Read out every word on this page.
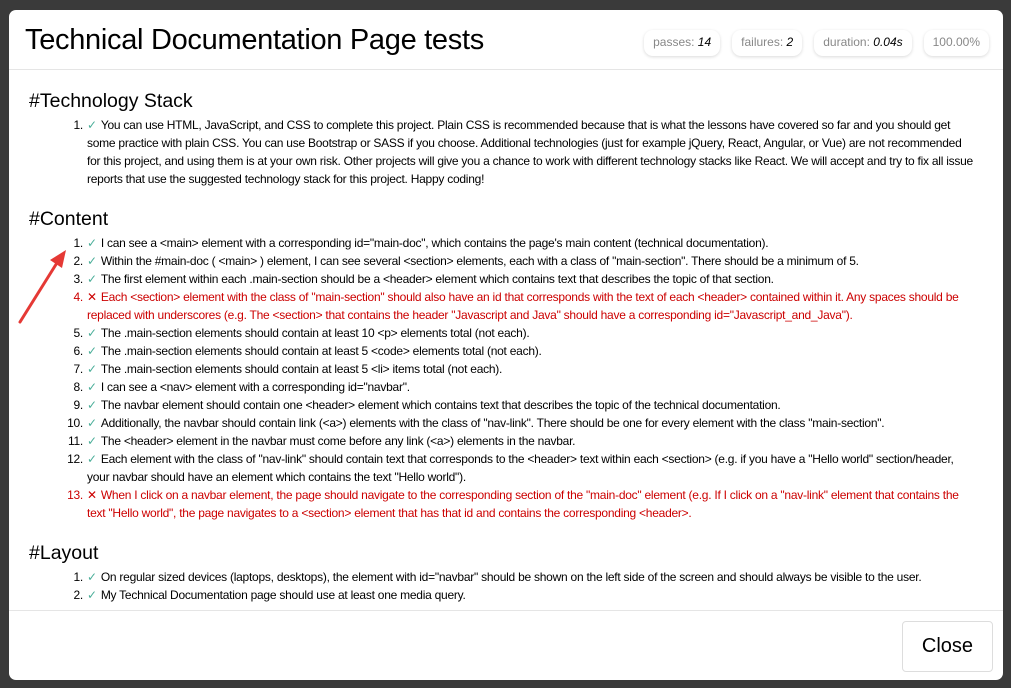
Technical Documentation Page tests	passes: 14	failures: 2	duration: 0.04s	100.00%
#Technology Stack
1. ✓ You can use HTML, JavaScript, and CSS to complete this project. Plain CSS is recommended because that is what the lessons have covered so far and you should get some practice with plain CSS. You can use Bootstrap or SASS if you choose. Additional technologies (just for example jQuery, React, Angular, or Vue) are not recommended for this project, and using them is at your own risk. Other projects will give you a chance to work with different technology stacks like React. We will accept and try to fix all issue reports that use the suggested technology stack for this project. Happy coding!
#Content
1. ✓ I can see a <main> element with a corresponding id="main-doc", which contains the page's main content (technical documentation).
2. ✓ Within the #main-doc ( <main> ) element, I can see several <section> elements, each with a class of "main-section". There should be a minimum of 5.
3. ✓ The first element within each .main-section should be a <header> element which contains text that describes the topic of that section.
4. ✕ Each <section> element with the class of "main-section" should also have an id that corresponds with the text of each <header> contained within it. Any spaces should be replaced with underscores (e.g. The <section> that contains the header "Javascript and Java" should have a corresponding id="Javascript_and_Java").
5. ✓ The .main-section elements should contain at least 10 <p> elements total (not each).
6. ✓ The .main-section elements should contain at least 5 <code> elements total (not each).
7. ✓ The .main-section elements should contain at least 5 <li> items total (not each).
8. ✓ I can see a <nav> element with a corresponding id="navbar".
9. ✓ The navbar element should contain one <header> element which contains text that describes the topic of the technical documentation.
10. ✓ Additionally, the navbar should contain link (<a>) elements with the class of "nav-link". There should be one for every element with the class "main-section".
11. ✓ The <header> element in the navbar must come before any link (<a>) elements in the navbar.
12. ✓ Each element with the class of "nav-link" should contain text that corresponds to the <header> text within each <section> (e.g. if you have a "Hello world" section/header, your navbar should have an element which contains the text "Hello world").
13. ✕ When I click on a navbar element, the page should navigate to the corresponding section of the "main-doc" element (e.g. If I click on a "nav-link" element that contains the text "Hello world", the page navigates to a <section> element that has that id and contains the corresponding <header>.
#Layout
1. ✓ On regular sized devices (laptops, desktops), the element with id="navbar" should be shown on the left side of the screen and should always be visible to the user.
2. ✓ My Technical Documentation page should use at least one media query.
Close
